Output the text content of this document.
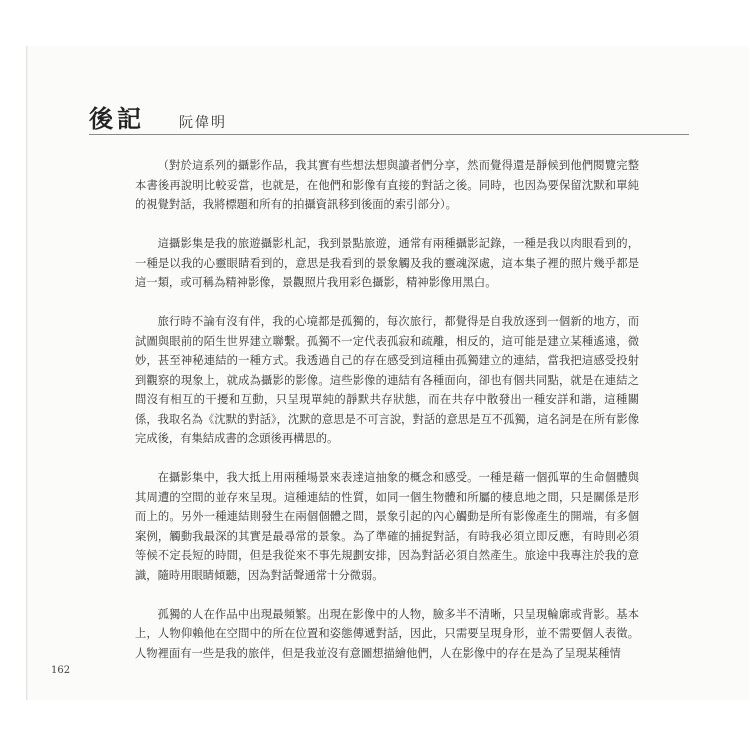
後記 阮偉明

（對於這系列的攝影作品，我其實有些想法想與讀者們分享，然而覺得還是靜候到他們閱覽完整本書後再說明比較妥當，也就是，在他們和影像有直接的對話之後。同時，也因為要保留沈默和單純的視覺對話，我將標題和所有的拍攝資訊移到後面的索引部分）。

這攝影集是我的旅遊攝影札記，我到景點旅遊，通常有兩種攝影記錄，一種是我以肉眼看到的，一種是以我的心靈眼睛看到的，意思是我看到的景象觸及我的靈魂深處，這本集子裡的照片幾乎都是這一類，或可稱為精神影像，景觀照片我用彩色攝影，精神影像用黑白。

旅行時不論有沒有伴，我的心境都是孤獨的，每次旅行，都覺得是自我放逐到一個新的地方，而試圖與眼前的陌生世界建立聯繫。孤獨不一定代表孤寂和疏離，相反的，這可能是建立某種遙遠，微妙，甚至神秘連結的一種方式。我透過自己的存在感受到這種由孤獨建立的連結，當我把這感受投射到觀察的現象上，就成為攝影的影像。這些影像的連結有各種面向，卻也有個共同點，就是在連結之間沒有相互的干擾和互動，只呈現單純的靜默共存狀態，而在共存中散發出一種安詳和諧，這種關係，我取名為《沈默的對話》，沈默的意思是不可言說，對話的意思是互不孤獨，這名詞是在所有影像完成後，有集結成書的念頭後再構思的。

在攝影集中，我大抵上用兩種場景來表達這抽象的概念和感受。一種是藉一個孤單的生命個體與其周遭的空間的並存來呈現。這種連結的性質，如同一個生物體和所屬的棲息地之間，只是關係是形而上的。另外一種連結則發生在兩個個體之間，景象引起的內心觸動是所有影像產生的開端，有多個案例，觸動我最深的其實是最尋常的景象。為了準確的捕捉對話，有時我必須立即反應，有時則必須等候不定長短的時間，但是我從來不事先規劃安排，因為對話必須自然產生。旅途中我專注於我的意識，隨時用眼睛傾聽，因為對話聲通常十分微弱。

孤獨的人在作品中出現最頻繁。出現在影像中的人物，臉多半不清晰，只呈現輪廓或背影。基本上，人物仰賴他在空間中的所在位置和姿態傳遞對話，因此，只需要呈現身形，並不需要個人表徵。人物裡面有一些是我的旅伴，但是我並沒有意圖想描繪他們，人在影像中的存在是為了呈現某種情

162
